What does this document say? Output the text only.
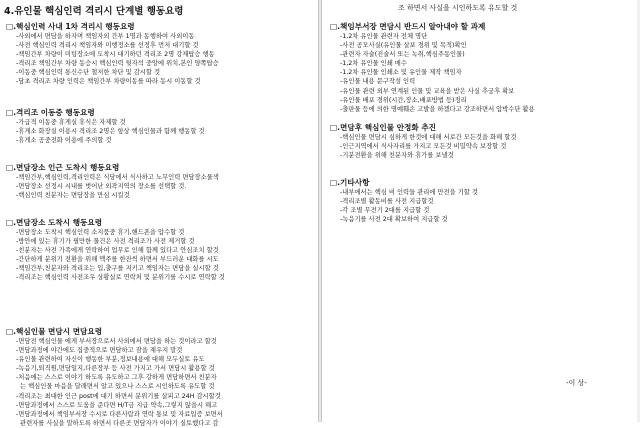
4.유인물 핵심인력 격리시 단계별 행동요령
□.핵심인력 사내 1차 격리시 행동요령
-사외에서 면담을 하자며 책임자외 간부 1명과 동행하여 사외이동
-사전 핵심인력 격리시 책임자와 미행정소를 선정후 먼저 대기할 것
-책임간부 차량이 미팅장소에 도착시 대기하던 격리조 2명 강제탑승 행동
-격리조 책임간부 차량 동승시 핵심인력 뒷자석 중앙에 위치,본인 양쪽탑승
-이동중 핵심인력 통신수단 철저한 차단 및 감시할 것
-담초 격리조 차량 인력은 책임간부 차량이동를 따라 동시 이동할 것
□.격리조 이동중 행동요령
-가급적 이동중 휴게실 휴식은 자제할 것
-휴게소 화장실 이용시 격리조 2명은 항상 핵심인물과 함께 행동할 것
-휴게소 공중전화 이용에 주의할 것
□.면담장소 인근 도착시 행동요령
-책임간부,핵심인력,격리인력은 식당에서 식사하고 노무인력 면담장소물색
-면담장소 선정시 시내를 벗어난 외곽지역의 장소를 선택할 것.
-핵심인력 친분자는 면담장을 만심 시킬것
□.면담장소 도착시 행동요령
-면담장소 도착시 핵심인력 소지품중 휴기,핸드폰을 압수할 것
-방안에 있는 휴기가 필만한 물건은 사전 격리조가 사전 제거할 것
-친분자는 사전 가족에게 연락하여 업무로 인해 함께 있다고 안심조치 할것
-간단하게 분위기 전환을 위해 맥주를 한잔씩 하면서 부드러운 대화를 시도
-책임간부,친분자와 격리조는 입,출구를 지키고 책임자는 면담을 실시할 것
-격리조는 핵심인력 사전조우 상황실로 연락처 및 분위기를 수시로 연락할 것
□.핵심인물 면담시 면담요령
-면담전 핵심인물 에게 부서장으로서 사외에서 면담을 하는 것이라고 할것
-면담과정에 야간에도 집중적으로 면담하고 잠을 재우지 말것
-유인물 관련하여 자신이 행동한 부분,정보내용에 대해 모두실토 유도
-녹음기,퇴직원,면담일지,다른장부 등 사전 가지고 가서 면담시 활용할 것
-처음에는 스스로 이야기 하도록 유도하고 그후 강하게 면담하면서 친분자
는 핵심인물 마음을 달래면서 알고 있으나 스스로 시인하도록 유도할 것
-격리조는 최대한 인근 post에 대기 하면서 분위기를 살피고 24H 감시할것
-면담과정에서 스스로 도움을 준다면 H/T금 지급 약속,그렇지 않을시 해고
-면담과정에서 책임부서장 수시로 다른사람과 연락 통보 및 자료입증 보면서
관련자를 사실을 말하도록 하면서 다른곳 면담자가 이야기 실토했다고 감
조 하면서 사실을 시인하도록 유도할 것
□.책임부서장 면담시 반드시 알아내야 할 과제
-1,2차 유인물 관련자 전체 명단
-사전 공모사실(유인물 살포 경위 및 목적)확인
-관련자 자술(진술서 또는 녹취,핵심주동인물)
-1,2차 유인물 인쇄 매수
-1,2차 유인물 인쇄소 및 유인물 제작 책임자
-유인물 내용 문구작성 인력
-유인물 관련 외부 연계된 인물 및 교육을 받은 사실 추궁후 확보
-유인물 배포 경위(시간,장소,배포방법 등)정리
-출판물 등에 의한 명예훼손 고발을 하겠다고 강조하면서 압박수단 활용
□.면담후 핵심인물 안정화 추진
-핵심인물 면담시 심하게 한것에 대해 서로간 모든것을 화해 할것
-인근지역에서 식사자리를 가지고 모든것 비밀약속 보장할 것
-기분전환을 위해 친분자와 휴가를 보낼것
□.기타사항
-내부에서는 핵심 비 인력들 관리에 만전을 기할 것
-격리조별 활동비를 사전 지급할것
-각 조별 무전기 2대를 지급할 것
-녹음기를 사전 2대 확보하여 지급할 것
-이 상-
